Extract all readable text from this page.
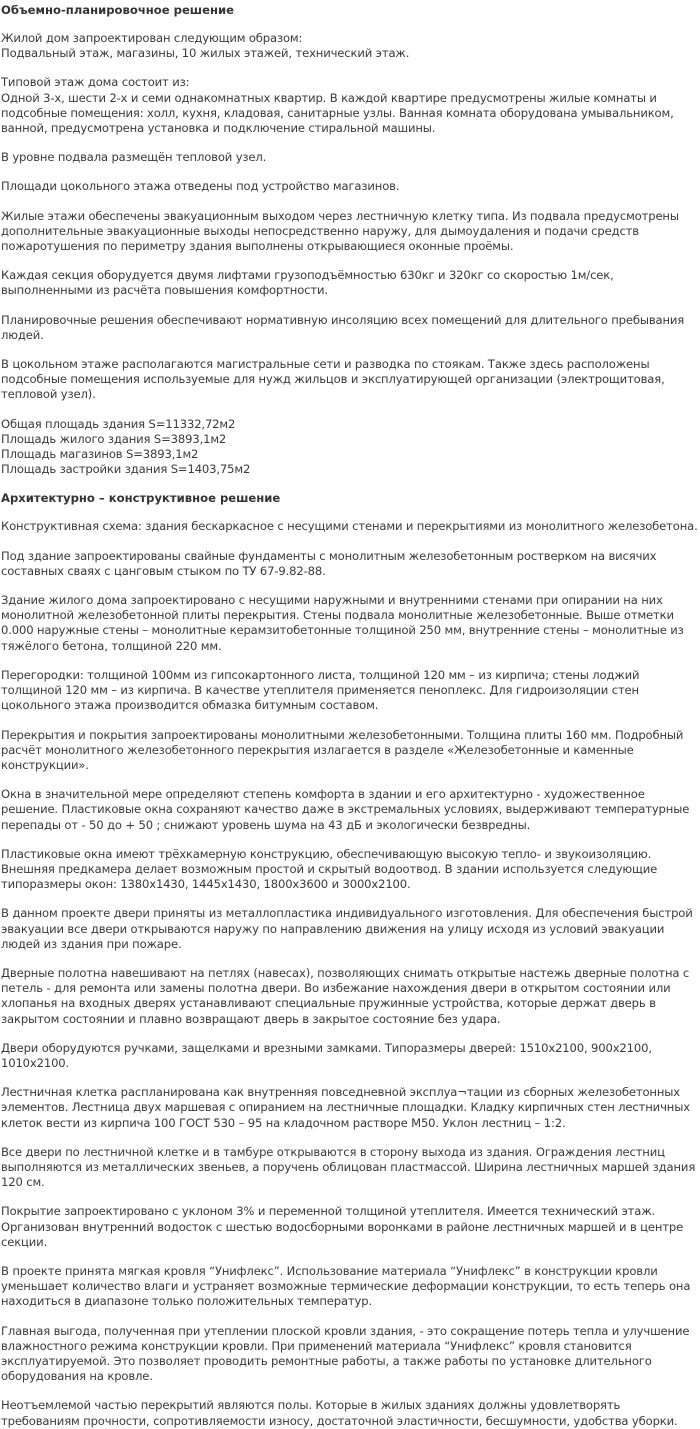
Объемно-планировочное решение

Жилой дом запроектирован следующим образом:
Подвальный этаж, магазины, 10 жилых этажей, технический этаж.

Типовой этаж дома состоит из:
Одной 3-х, шести 2-х и семи однакомнатных квартир. В каждой квартире предусмотрены жилые комнаты и подсобные помещения: холл, кухня, кладовая, санитарные узлы. Ванная комната оборудована умывальником, ванной, предусмотрена установка и подключение стиральной машины.

В уровне подвала размещён тепловой узел.

Площади цокольного этажа отведены под устройство магазинов.

Жилые этажи обеспечены эвакуационным выходом через лестничную клетку типа. Из подвала предусмотрены дополнительные эвакуационные выходы непосредственно наружу, для дымоудаления и подачи средств пожаротушения по периметру здания выполнены открывающиеся оконные проёмы.

Каждая секция оборудуется двумя лифтами грузоподъёмностью 630кг и 320кг со скоростью 1м/сек, выполненными из расчёта повышения комфортности.

Планировочные решения обеспечивают нормативную инсоляцию всех помещений для длительного пребывания людей.

В цокольном этаже располагаются магистральные сети и разводка по стоякам. Также здесь расположены подсобные помещения используемые для нужд жильцов и эксплуатирующей организации (электрощитовая, тепловой узел).

Общая площадь здания S=11332,72м2
Площадь жилого здания S=3893,1м2
Площадь магазинов S=3893,1м2
Площадь застройки здания S=1403,75м2

Архитектурно – конструктивное решение

Конструктивная схема: здания бескаркасное с несущими стенами и перекрытиями из монолитного железобетона.

Под здание запроектированы свайные фундаменты с монолитным железобетонным ростверком на висячих составных сваях с цанговым стыком по ТУ 67-9.82-88.

Здание жилого дома запроектировано с несущими наружными и внутренними стенами при опирании на них монолитной железобетонной плиты перекрытия. Стены подвала монолитные железобетонные. Выше отметки 0.000 наружные стены – монолитные керамзитобетонные толщиной 250 мм, внутренние стены – монолитные из тяжёлого бетона, толщиной 220 мм.

Перегородки: толщиной 100мм из гипсокартонного листа, толщиной 120 мм – из кирпича; стены лоджий толщиной 120 мм – из кирпича. В качестве утеплителя применяется пеноплекс. Для гидроизоляции стен цокольного этажа производится обмазка битумным составом.

Перекрытия и покрытия запроектированы монолитными железобетонными. Толщина плиты 160 мм. Подробный расчёт монолитного железобетонного перекрытия излагается в разделе «Железобетонные и каменные конструкции».

Окна в значительной мере определяют степень комфорта в здании и его архитектурно - художественное решение. Пластиковые окна сохраняют качество даже в экстремальных условиях, выдерживают температурные перепады от - 50 до + 50 ; снижают уровень шума на 43 дБ и экологически безвредны.

Пластиковые окна имеют трёхкамерную конструкцию, обеспечивающую высокую тепло- и звукоизоляцию. Внешняя предкамера делает возможным простой и скрытый водоотвод. В здании используется следующие типоразмеры окон: 1380x1430, 1445x1430, 1800x3600 и 3000x2100.

В данном проекте двери приняты из металлопластика индивидуального изготовления. Для обеспечения быстрой эвакуации все двери открываются наружу по направлению движения на улицу исходя из условий эвакуации людей из здания при пожаре.

Дверные полотна навешивают на петлях (навесах), позволяющих снимать открытые настежь дверные полотна с петель - для ремонта или замены полотна двери. Во избежание нахождения двери в открытом состоянии или хлопанья на входных дверях устанавливают специальные пружинные устройства, которые держат дверь в закрытом состоянии и плавно возвращают дверь в закрытое состояние без удара.

Двери оборудуются ручками, защелками и врезными замками. Типоразмеры дверей: 1510x2100, 900x2100, 1010x2100.

Лестничная клетка распланирована как внутренняя повседневной эксплуа¬тации из сборных железобетонных элементов. Лестница двух маршевая с опиранием на лестничные площадки. Кладку кирпичных стен лестничных клеток вести из кирпича 100 ГОСТ 530 – 95 на кладочном растворе М50. Уклон лестниц – 1:2.

Все двери по лестничной клетке и в тамбуре открываются в сторону выхода из здания. Ограждения лестниц выполняются из металлических звеньев, а поручень облицован пластмассой. Ширина лестничных маршей здания 120 см.

Покрытие запроектировано с уклоном 3% и переменной толщиной утеплителя. Имеется технический этаж. Организован внутренний водосток с шестью водосборными воронками в районе лестничных маршей и в центре секции.

В проекте принята мягкая кровля “Унифлекс”. Использование материала “Унифлекс” в конструкции кровли уменьшает количество влаги и устраняет возможные термические деформации конструкции, то есть теперь она находиться в диапазоне только положительных температур.

Главная выгода, полученная при утеплении плоской кровли здания, - это сокращение потерь тепла и улучшение влажностного режима конструкции кровли. При применений материала “Унифлекс” кровля становится эксплуатируемой. Это позволяет проводить ремонтные работы, а также работы по установке длительного оборудования на кровле.

Неотъемлемой частью перекрытий являются полы. Которые в жилых зданиях должны удовлетворять требованиям прочности, сопротивляемости износу, достаточной эластичности, бесшумности, удобства уборки.
